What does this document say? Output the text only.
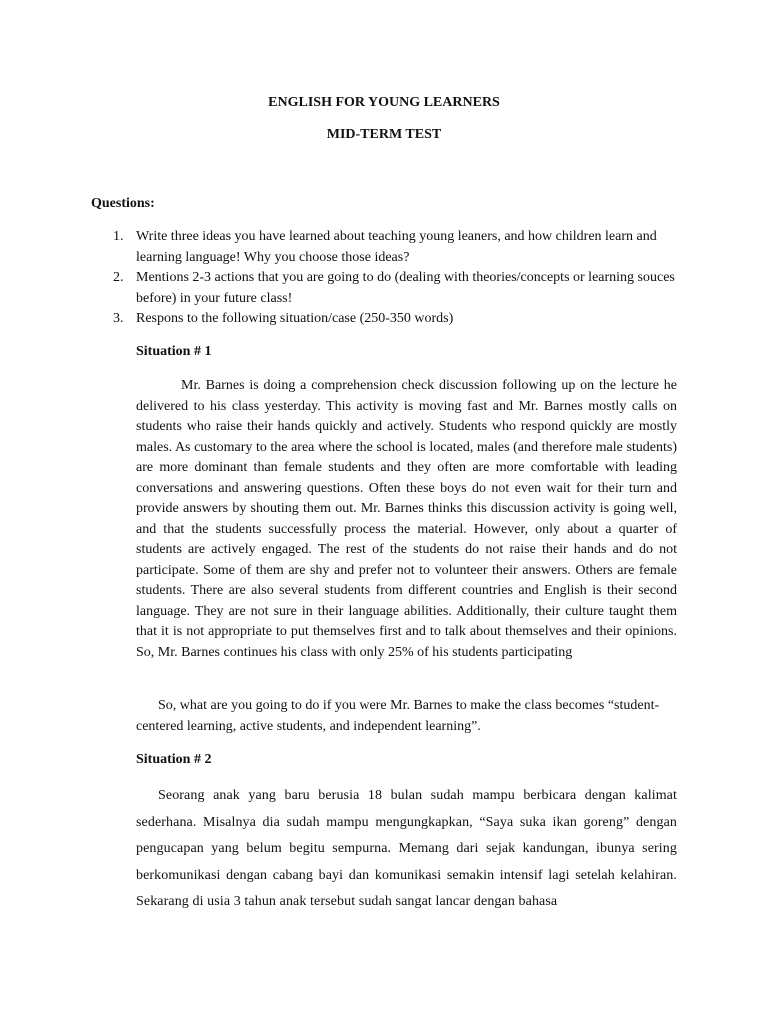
ENGLISH FOR YOUNG LEARNERS
MID-TERM TEST
Questions:
1. Write three ideas you have learned about teaching young leaners, and how children learn and learning language! Why you choose those ideas?
2. Mentions 2-3 actions that you are going to do (dealing with theories/concepts or learning souces before) in your future class!
3. Respons to the following situation/case (250-350 words)
Situation # 1

Mr. Barnes is doing a comprehension check discussion following up on the lecture he delivered to his class yesterday. This activity is moving fast and Mr. Barnes mostly calls on students who raise their hands quickly and actively. Students who respond quickly are mostly males. As customary to the area where the school is located, males (and therefore male students) are more dominant than female students and they often are more comfortable with leading conversations and answering questions. Often these boys do not even wait for their turn and provide answers by shouting them out. Mr. Barnes thinks this discussion activity is going well, and that the students successfully process the material. However, only about a quarter of students are actively engaged. The rest of the students do not raise their hands and do not participate. Some of them are shy and prefer not to volunteer their answers. Others are female students. There are also several students from different countries and English is their second language. They are not sure in their language abilities. Additionally, their culture taught them that it is not appropriate to put themselves first and to talk about themselves and their opinions. So, Mr. Barnes continues his class with only 25% of his students participating

So, what are you going to do if you were Mr. Barnes to make the class becomes “student-centered learning, active students, and independent learning”.

Situation # 2

Seorang anak yang baru berusia 18 bulan sudah mampu berbicara dengan kalimat sederhana. Misalnya dia sudah mampu mengungkapkan, “Saya suka ikan goreng” dengan pengucapan yang belum begitu sempurna. Memang dari sejak kandungan, ibunya sering berkomunikasi dengan cabang bayi dan komunikasi semakin intensif lagi setelah kelahiran. Sekarang di usia 3 tahun anak tersebut sudah sangat lancar dengan bahasa
